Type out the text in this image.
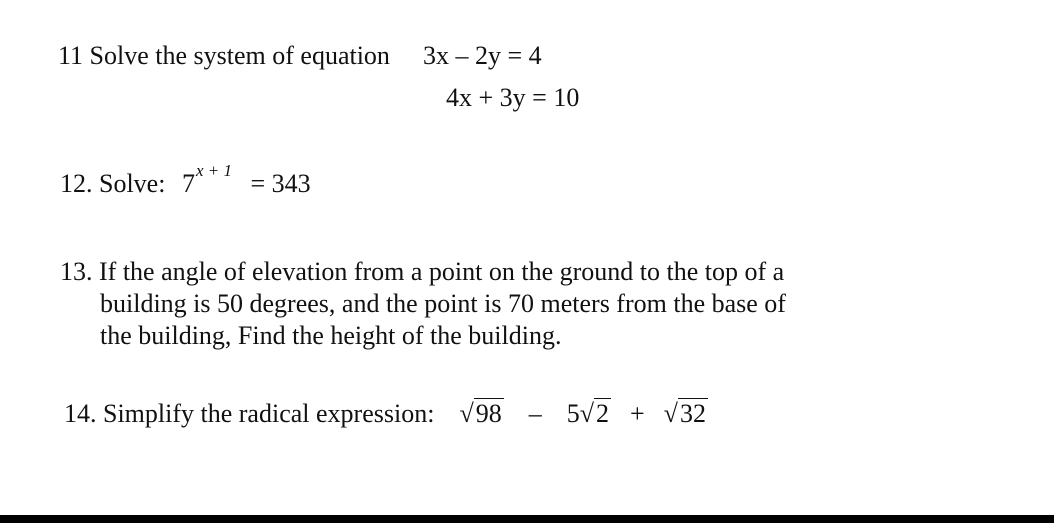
11 Solve the system of equation 3x – 2y = 4
4x + 3y = 10
12. Solve: $7^{x + 1} = 343$
13. If the angle of elevation from a point on the ground to the top of a
building is 50 degrees, and the point is 70 meters from the base of
the building, Find the height of the building.
14. Simplify the radical expression: √98 – 5√2 + √32
